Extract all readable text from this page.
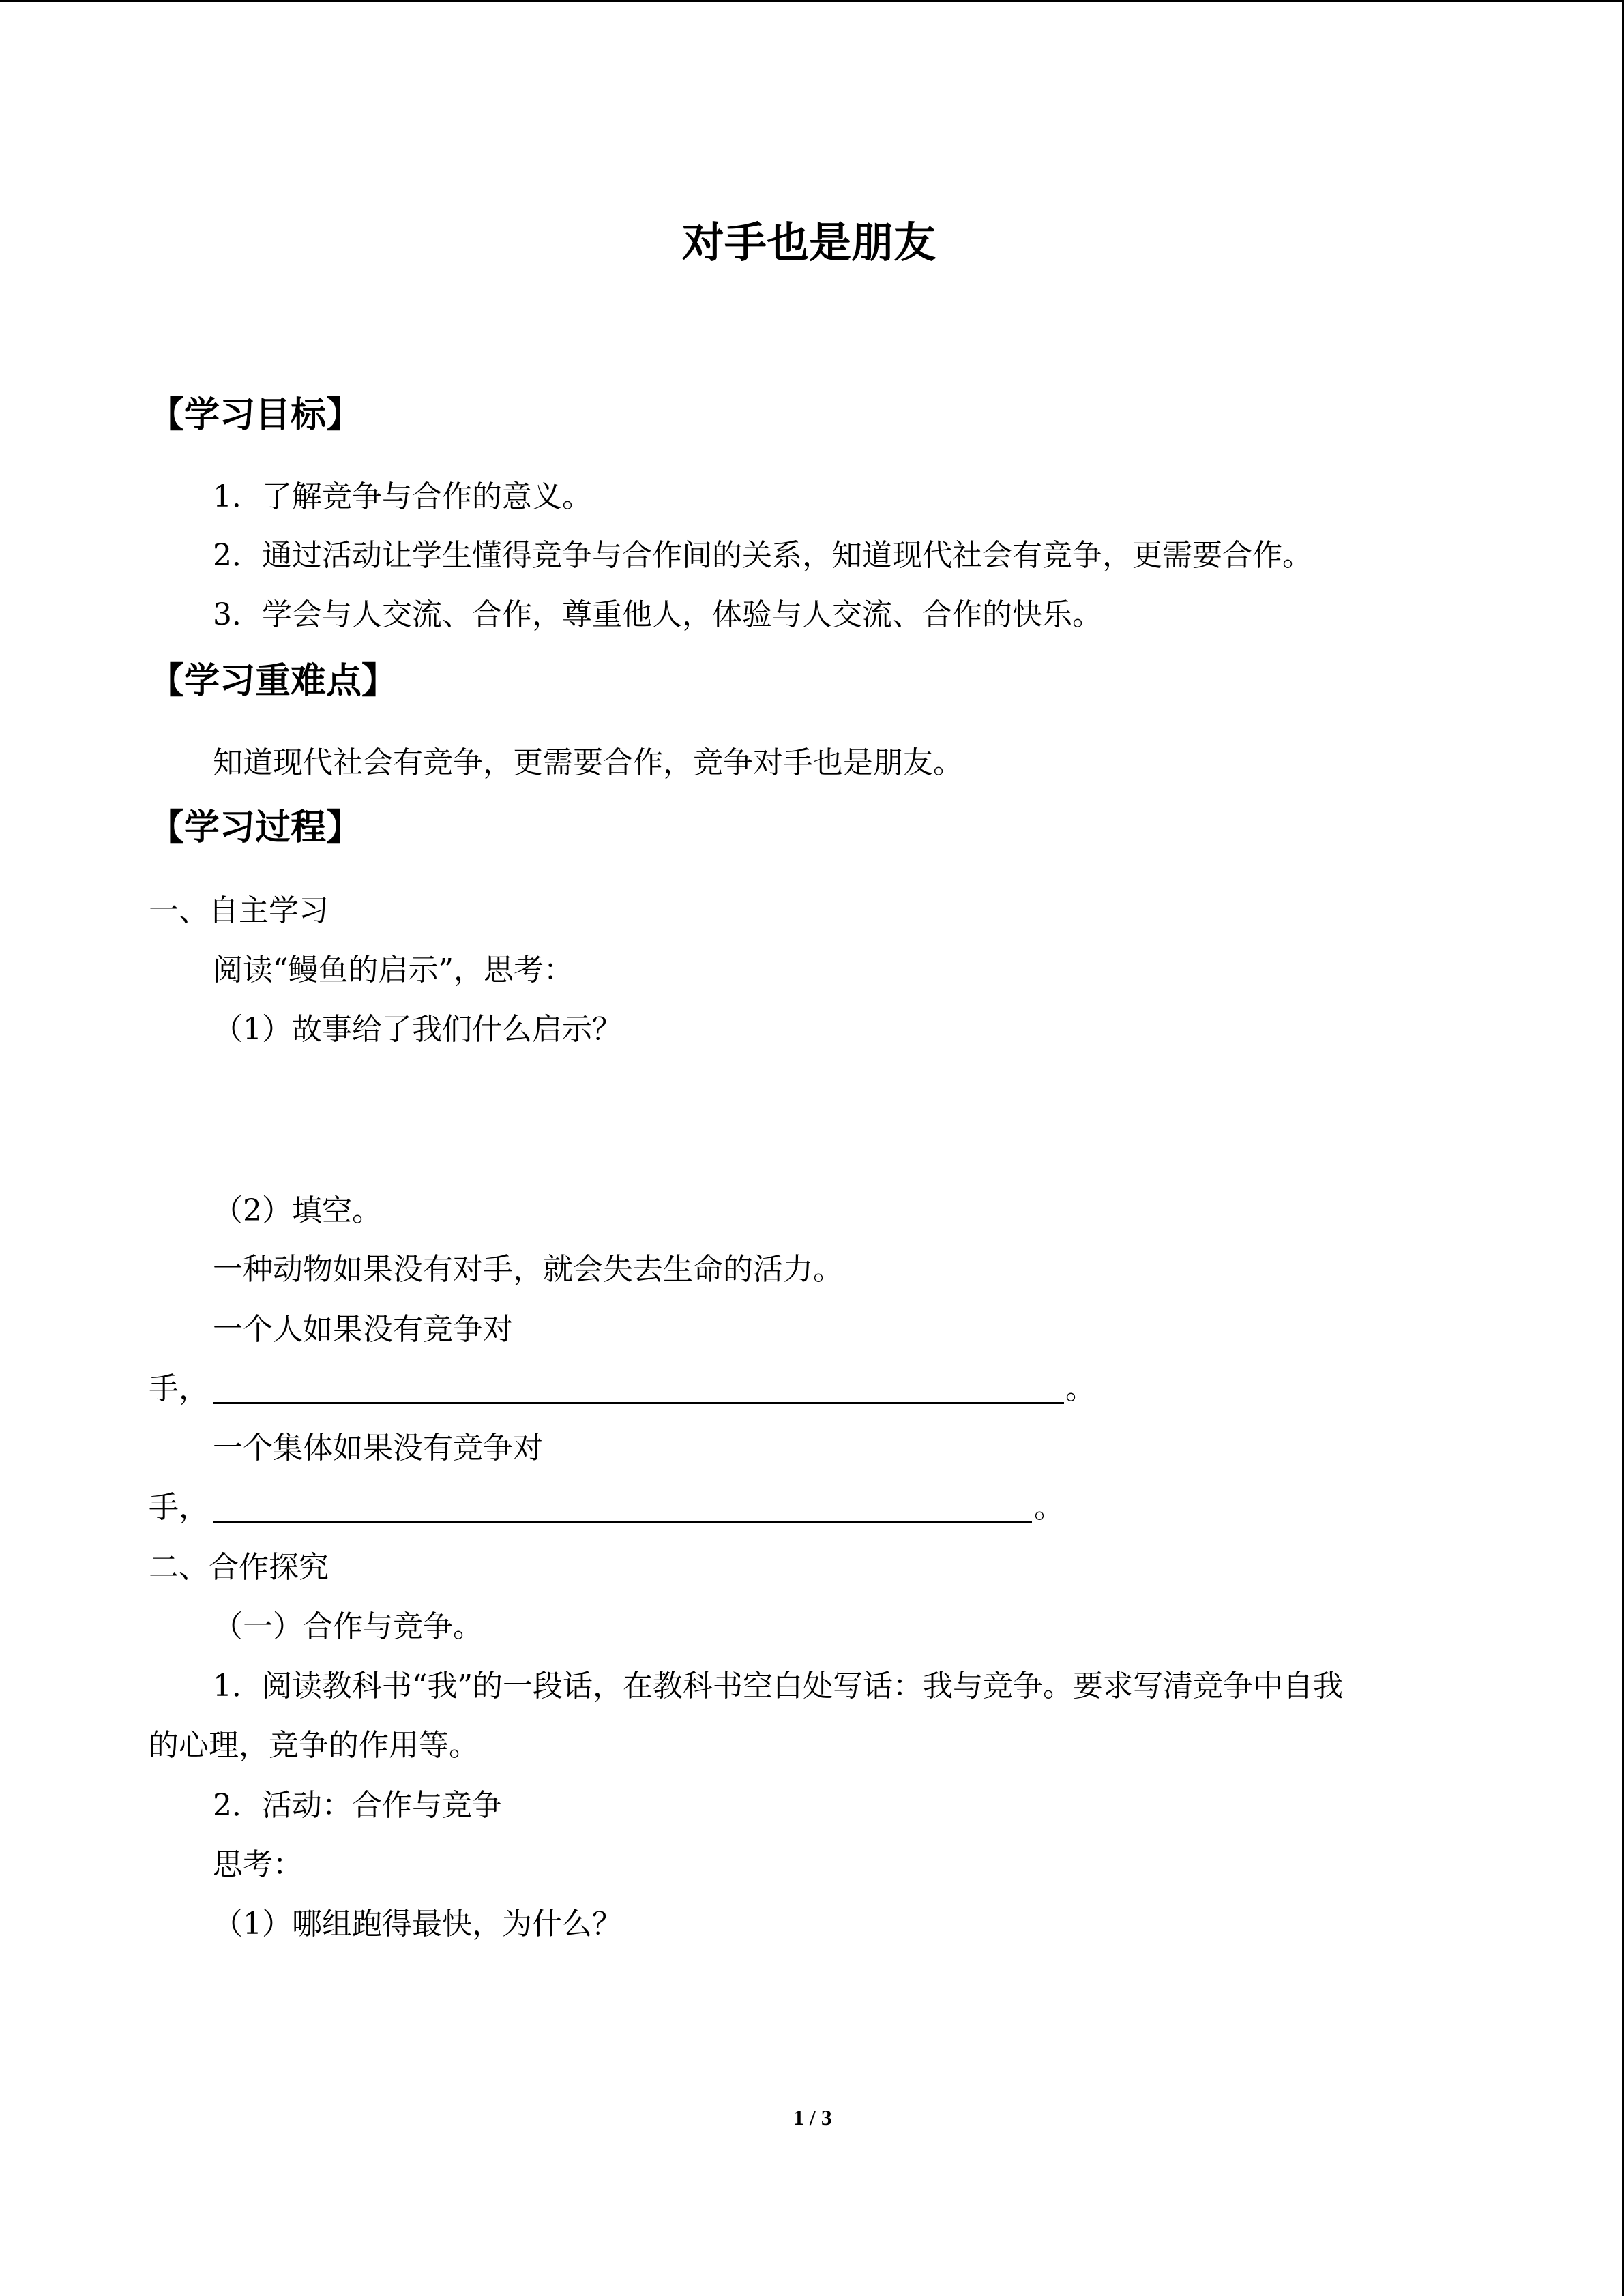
对手也是朋友
【学习目标】
1．了解竞争与合作的意义。
2．通过活动让学生懂得竞争与合作间的关系，知道现代社会有竞争，更需要合作。
3．学会与人交流、合作，尊重他人，体验与人交流、合作的快乐。
【学习重难点】
知道现代社会有竞争，更需要合作，竞争对手也是朋友。
【学习过程】
一、自主学习
阅读“鳗鱼的启示”，思考：
（1）故事给了我们什么启示？
（2）填空。
一种动物如果没有对手，就会失去生命的活力。
一个人如果没有竞争对
手，	。
一个集体如果没有竞争对
手，	。
二、合作探究
（一）合作与竞争。
1．阅读教科书“我”的一段话，在教科书空白处写话：我与竞争。要求写清竞争中自我
的心理，竞争的作用等。
2．活动：合作与竞争
思考：
（1）哪组跑得最快，为什么？
1 / 3
